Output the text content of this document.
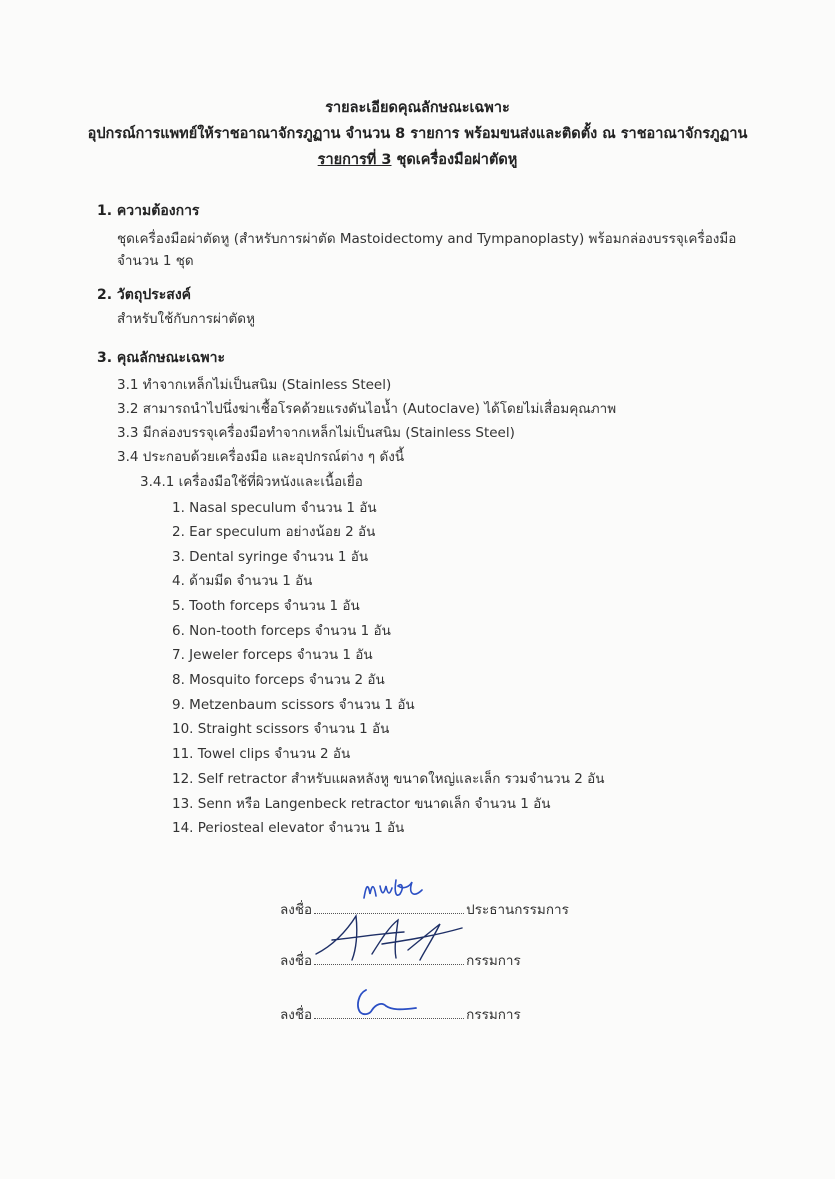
รายละเอียดคุณลักษณะเฉพาะ
อุปกรณ์การแพทย์ให้ราชอาณาจักรภูฏาน จำนวน 8 รายการ พร้อมขนส่งและติดตั้ง ณ ราชอาณาจักรภูฏาน
รายการที่ 3 ชุดเครื่องมือผ่าตัดหู
1. ความต้องการ
ชุดเครื่องมือผ่าตัดหู (สำหรับการผ่าตัด Mastoidectomy and Tympanoplasty) พร้อมกล่องบรรจุเครื่องมือ
จำนวน 1 ชุด
2. วัตถุประสงค์
สำหรับใช้กับการผ่าตัดหู
3. คุณลักษณะเฉพาะ
3.1 ทำจากเหล็กไม่เป็นสนิม (Stainless Steel)
3.2 สามารถนำไปนึ่งฆ่าเชื้อโรคด้วยแรงดันไอน้ำ (Autoclave) ได้โดยไม่เสื่อมคุณภาพ
3.3 มีกล่องบรรจุเครื่องมือทำจากเหล็กไม่เป็นสนิม (Stainless Steel)
3.4 ประกอบด้วยเครื่องมือ และอุปกรณ์ต่าง ๆ ดังนี้
3.4.1 เครื่องมือใช้ที่ผิวหนังและเนื้อเยื่อ
1. Nasal speculum จำนวน 1 อัน
2. Ear speculum อย่างน้อย 2 อัน
3. Dental syringe จำนวน 1 อัน
4. ด้ามมีด จำนวน 1 อัน
5. Tooth forceps จำนวน 1 อัน
6. Non-tooth forceps จำนวน 1 อัน
7. Jeweler forceps จำนวน 1 อัน
8. Mosquito forceps จำนวน 2 อัน
9. Metzenbaum scissors จำนวน 1 อัน
10. Straight scissors จำนวน 1 อัน
11. Towel clips จำนวน 2 อัน
12. Self retractor สำหรับแผลหลังหู ขนาดใหญ่และเล็ก รวมจำนวน 2 อัน
13. Senn หรือ Langenbeck retractor ขนาดเล็ก จำนวน 1 อัน
14. Periosteal elevator จำนวน 1 อัน
ลงชื่อ	ประธานกรรมการ
ลงชื่อ	กรรมการ
ลงชื่อ	กรรมการ
